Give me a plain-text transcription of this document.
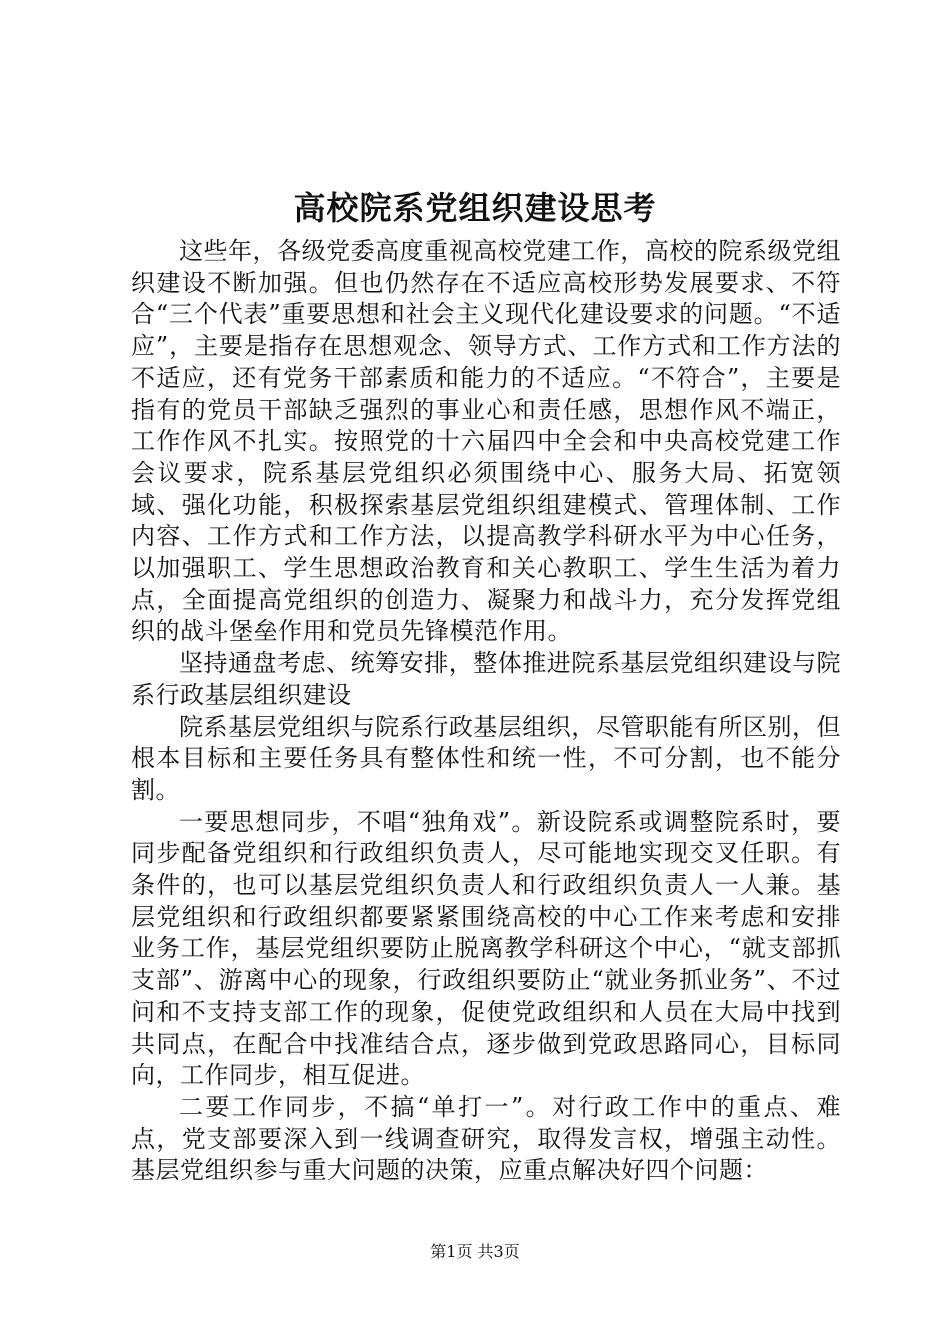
高校院系党组织建设思考

这些年，各级党委高度重视高校党建工作，高校的院系级党组织建设不断加强。但也仍然存在不适应高校形势发展要求、不符合“三个代表”重要思想和社会主义现代化建设要求的问题。“不适应”，主要是指存在思想观念、领导方式、工作方式和工作方法的不适应，还有党务干部素质和能力的不适应。“不符合”，主要是指有的党员干部缺乏强烈的事业心和责任感，思想作风不端正，工作作风不扎实。按照党的十六届四中全会和中央高校党建工作会议要求，院系基层党组织必须围绕中心、服务大局、拓宽领域、强化功能，积极探索基层党组织组建模式、管理体制、工作内容、工作方式和工作方法，以提高教学科研水平为中心任务，以加强职工、学生思想政治教育和关心教职工、学生生活为着力点，全面提高党组织的创造力、凝聚力和战斗力，充分发挥党组织的战斗堡垒作用和党员先锋模范作用。

坚持通盘考虑、统筹安排，整体推进院系基层党组织建设与院系行政基层组织建设

院系基层党组织与院系行政基层组织，尽管职能有所区别，但根本目标和主要任务具有整体性和统一性，不可分割，也不能分割。

一要思想同步，不唱“独角戏”。新设院系或调整院系时，要同步配备党组织和行政组织负责人，尽可能地实现交叉任职。有条件的，也可以基层党组织负责人和行政组织负责人一人兼。基层党组织和行政组织都要紧紧围绕高校的中心工作来考虑和安排业务工作，基层党组织要防止脱离教学科研这个中心，“就支部抓支部”、游离中心的现象，行政组织要防止“就业务抓业务”、不过问和不支持支部工作的现象，促使党政组织和人员在大局中找到共同点，在配合中找准结合点，逐步做到党政思路同心，目标同向，工作同步，相互促进。

二要工作同步，不搞“单打一”。对行政工作中的重点、难点，党支部要深入到一线调查研究，取得发言权，增强主动性。基层党组织参与重大问题的决策，应重点解决好四个问题：

第1页 共3页
